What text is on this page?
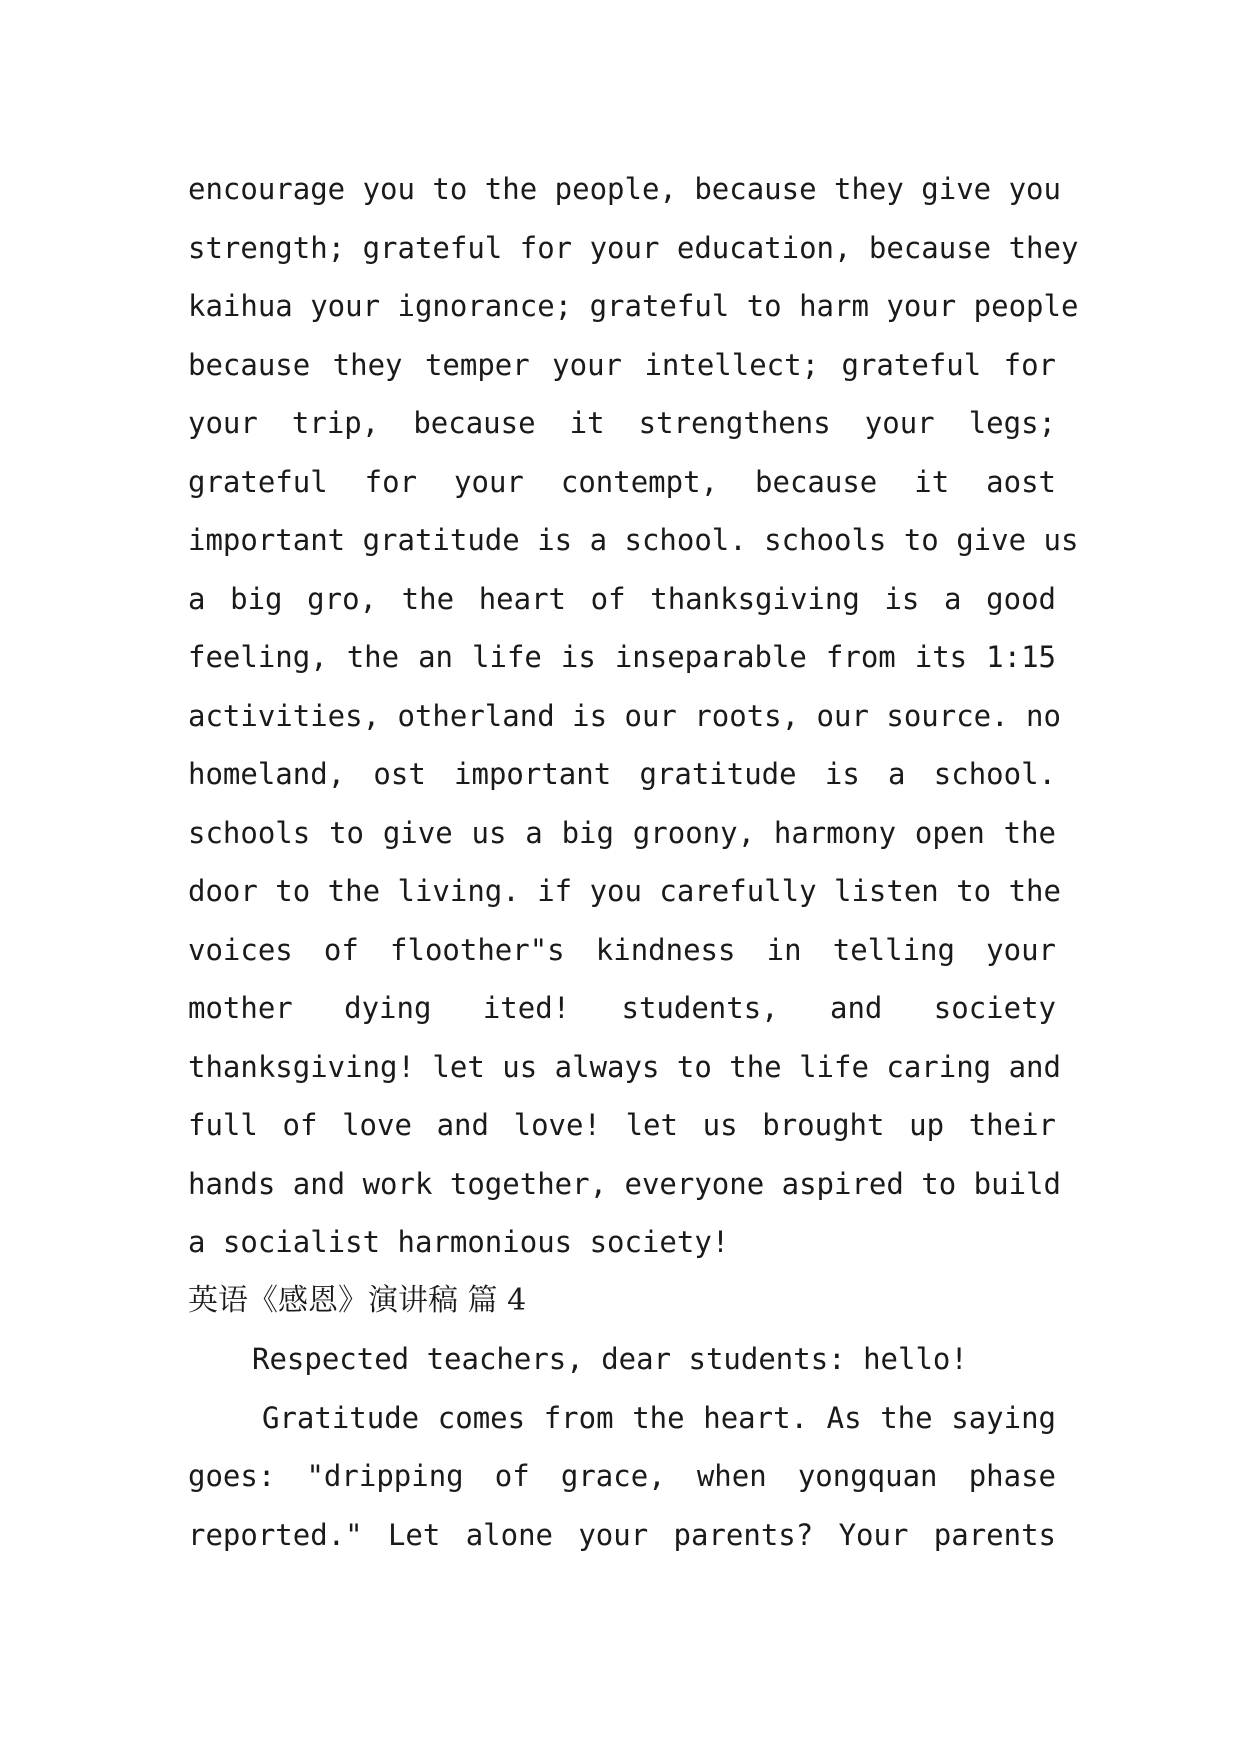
encourage you to the people, because they give you
strength; grateful for your education, because they
kaihua your ignorance; grateful to harm your people
because they temper your intellect; grateful for
your trip, because it strengthens your legs;
grateful for your contempt, because it aost
important gratitude is a school. schools to give us
a big gro, the heart of thanksgiving is a good
feeling, the an life is inseparable from its 1:15
activities, otherland is our roots, our source. no
homeland, ost important gratitude is a school.
schools to give us a big groony, harmony open the
door to the living. if you carefully listen to the
voices of floother"s kindness in telling your
mother dying ited! students, and society
thanksgiving! let us always to the life caring and
full of love and love! let us brought up their
hands and work together, everyone aspired to build
a socialist harmonious society!
英语《感恩》演讲稿 篇 4
Respected teachers, dear students: hello!
Gratitude comes from the heart. As the saying
goes: "dripping of grace, when yongquan phase
reported." Let alone your parents? Your parents
